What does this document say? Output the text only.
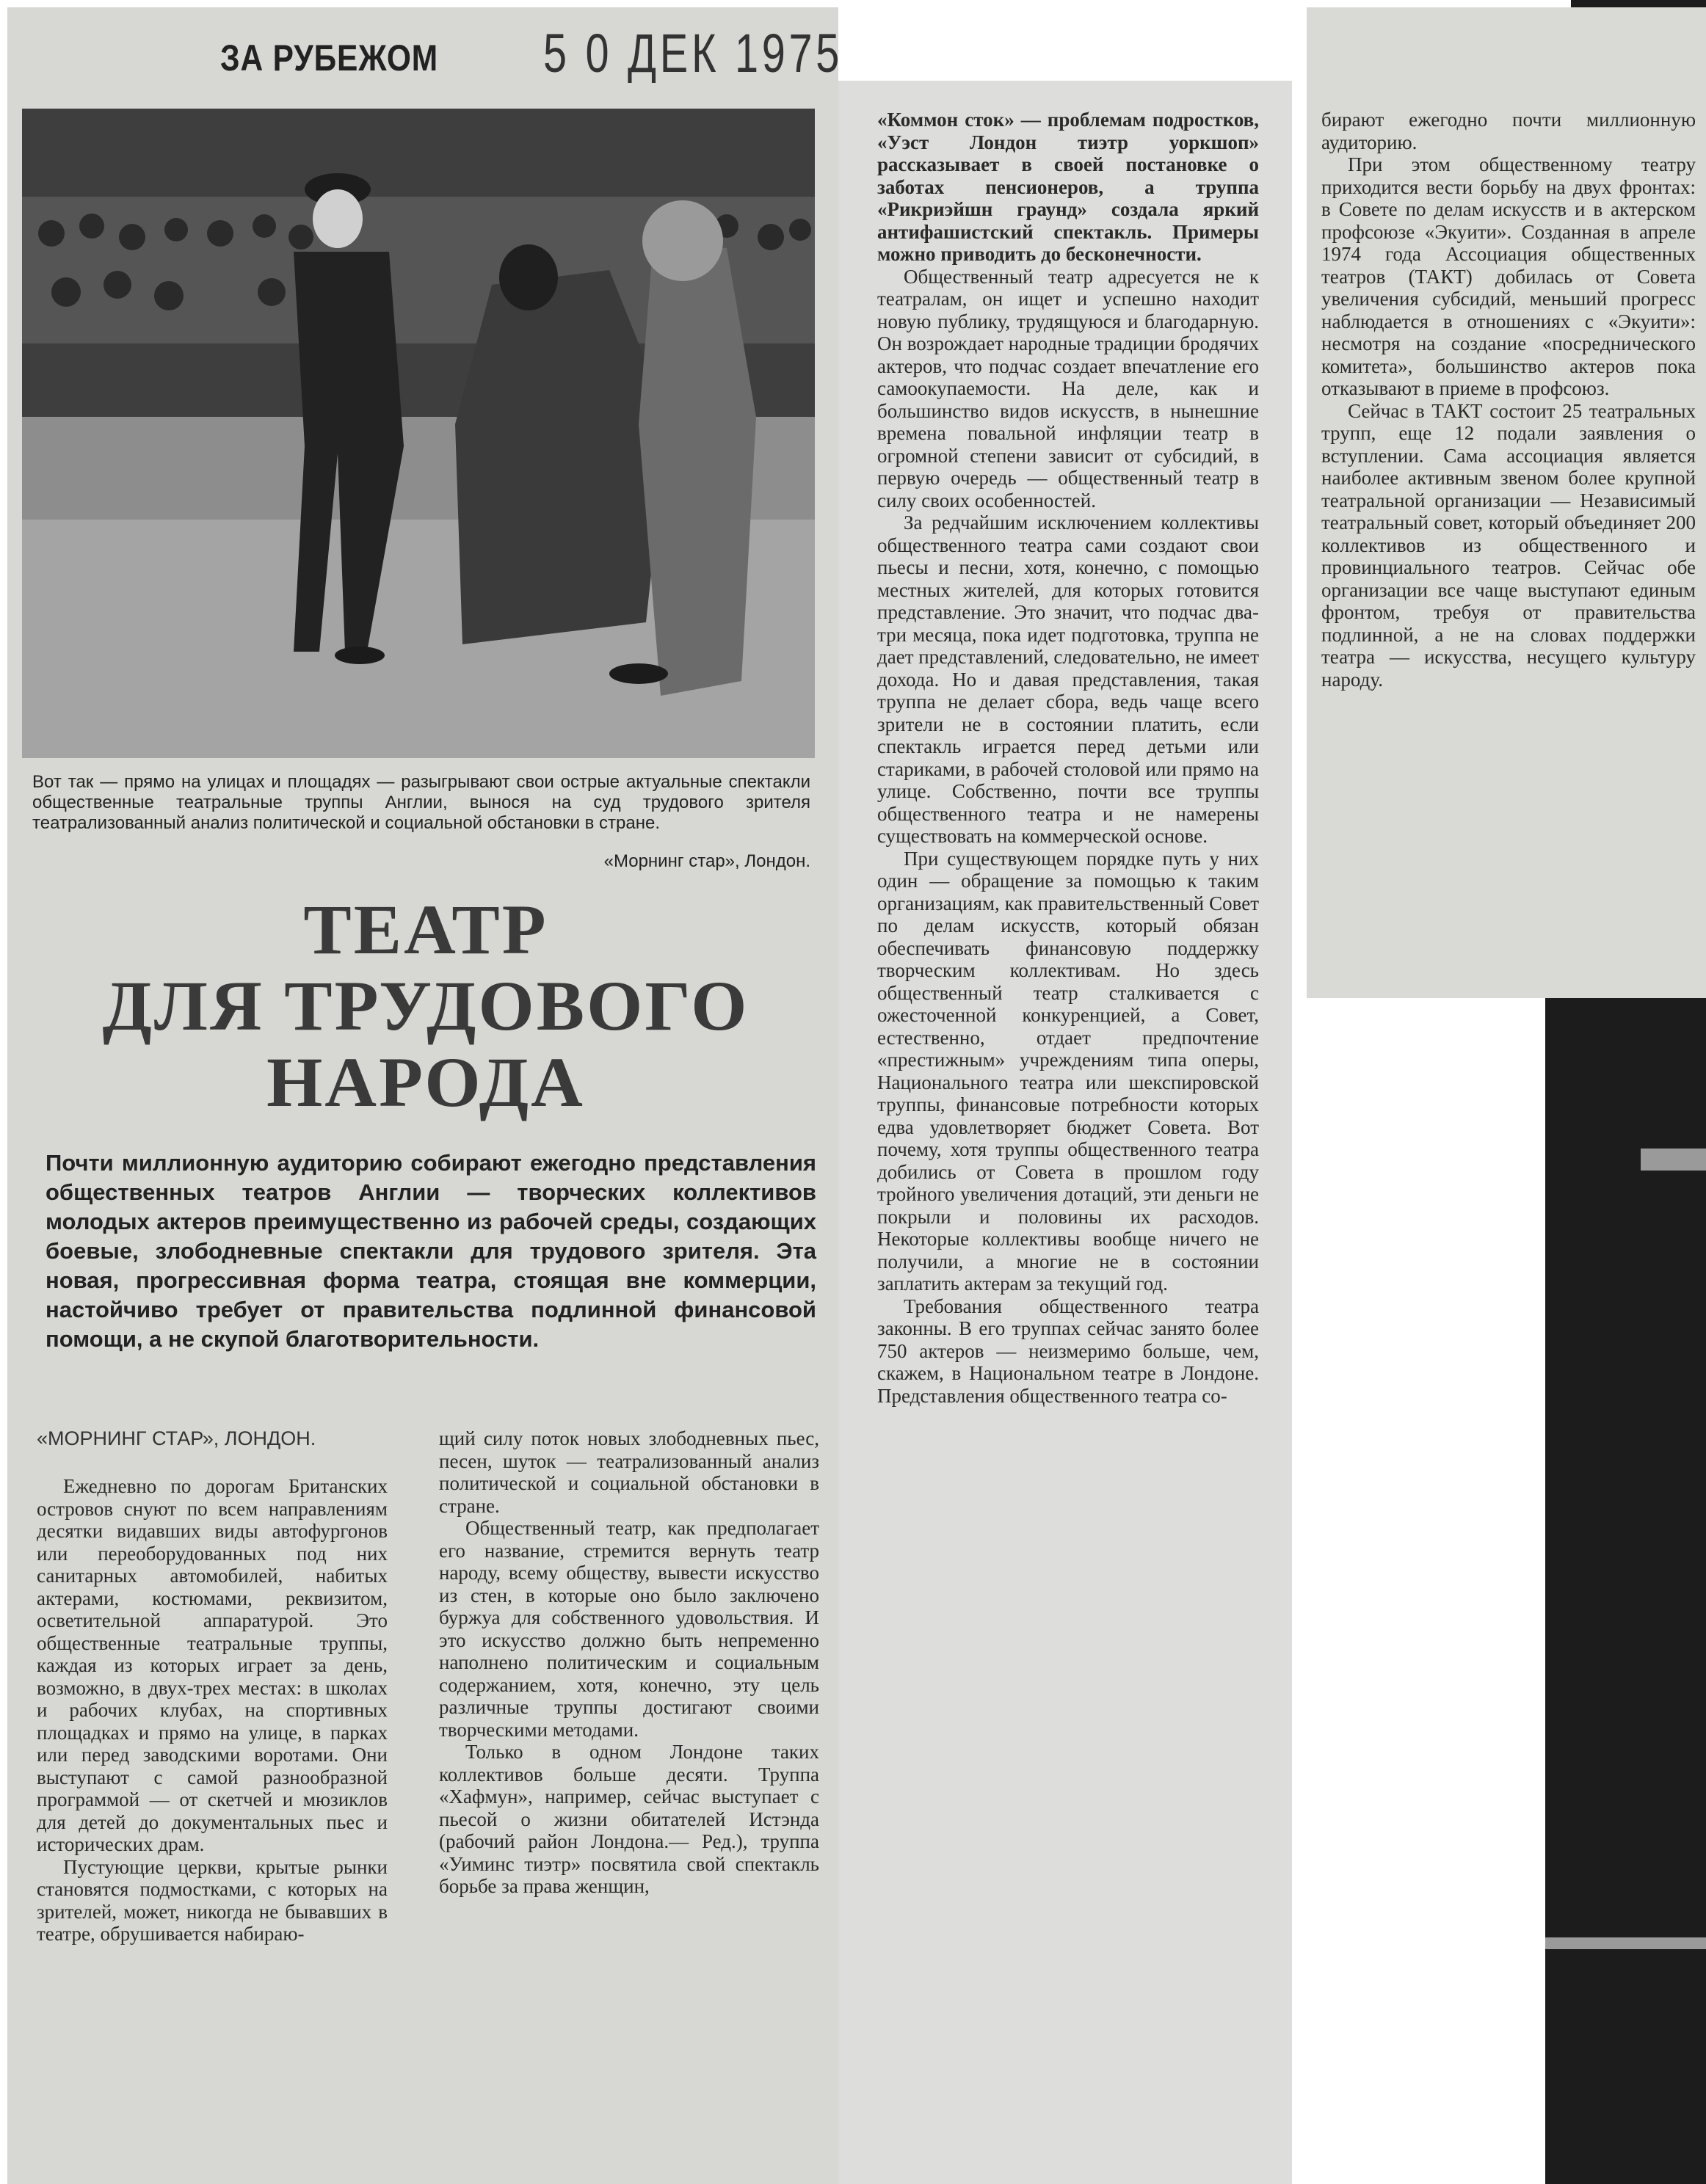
ЗА РУБЕЖОМ 5 0 ДЕК 1975
Вот так — прямо на улицах и площадях — разыгрывают свои острые актуальные спектакли общественные театральные труппы Англии, вынося на суд трудового зрителя театрализованный анализ политической и социальной обстановки в стране.
«Морнинг стар», Лондон.
ТЕАТР
ДЛЯ ТРУДОВОГО
НАРОДА
Почти миллионную аудиторию собирают ежегодно представления общественных театров Англии — творческих коллективов молодых актеров преимущественно из рабочей среды, создающих боевые, злободневные спектакли для трудового зрителя. Эта новая, прогрессивная форма театра, стоящая вне коммерции, настойчиво требует от правительства подлинной финансовой помощи, а не скупой благотворительности.
«МОРНИНГ СТАР», ЛОНДОН.

Ежедневно по дорогам Британских островов снуют по всем направлениям десятки видавших виды автофургонов или переоборудованных под них санитарных автомобилей, набитых актерами, костюмами, реквизитом, осветительной аппаратурой. Это общественные театральные труппы, каждая из которых играет за день, возможно, в двух-трех местах: в школах и рабочих клубах, на спортивных площадках и прямо на улице, в парках или перед заводскими воротами. Они выступают с самой разнообразной программой — от скетчей и мюзиклов для детей до документальных пьес и исторических драм.

Пустующие церкви, крытые рынки становятся подмостками, с которых на зрителей, может, никогда не бывавших в театре, обрушивается набираю-

щий силу поток новых злободневных пьес, песен, шуток — театрализованный анализ политической и социальной обстановки в стране.

Общественный театр, как предполагает его название, стремится вернуть театр народу, всему обществу, вывести искусство из стен, в которые оно было заключено буржуа для собственного удовольствия. И это искусство должно быть непременно наполнено политическим и социальным содержанием, хотя, конечно, эту цель различные труппы достигают своими творческими методами.

Только в одном Лондоне таких коллективов больше десяти. Труппа «Хафмун», например, сейчас выступает с пьесой о жизни обитателей Истэнда (рабочий район Лондона.— Ред.), труппа «Уиминс тиэтр» посвятила свой спектакль борьбе за права женщин,

«Коммон сток» — проблемам подростков, «Уэст Лондон тиэтр уоркшоп» рассказывает в своей постановке о заботах пенсионеров, а труппа «Рикриэйшн граунд» создала яркий антифашистский спектакль. Примеры можно приводить до бесконечности.

Общественный театр адресуется не к театралам, он ищет и успешно находит новую публику, трудящуюся и благодарную. Он возрождает народные традиции бродячих актеров, что подчас создает впечатление его самоокупаемости. На деле, как и большинство видов искусств, в нынешние времена повальной инфляции театр в огромной степени зависит от субсидий, в первую очередь — общественный театр в силу своих особенностей.

За редчайшим исключением коллективы общественного театра сами создают свои пьесы и песни, хотя, конечно, с помощью местных жителей, для которых готовится представление. Это значит, что подчас два-три месяца, пока идет подготовка, труппа не дает представлений, следовательно, не имеет дохода. Но и давая представления, такая труппа не делает сбора, ведь чаще всего зрители не в состоянии платить, если спектакль играется перед детьми или стариками, в рабочей столовой или прямо на улице. Собственно, почти все труппы общественного театра и не намерены существовать на коммерческой основе.

При существующем порядке путь у них один — обращение за помощью к таким организациям, как правительственный Совет по делам искусств, который обязан обеспечивать финансовую поддержку творческим коллективам. Но здесь общественный театр сталкивается с ожесточенной конкуренцией, а Совет, естественно, отдает предпочтение «престижным» учреждениям типа оперы, Национального театра или шекспировской труппы, финансовые потребности которых едва удовлетворяет бюджет Совета. Вот почему, хотя труппы общественного театра добились от Совета в прошлом году тройного увеличения дотаций, эти деньги не покрыли и половины их расходов. Некоторые коллективы вообще ничего не получили, а многие не в состоянии заплатить актерам за текущий год.

Требования общественного театра законны. В его труппах сейчас занято более 750 актеров — неизмеримо больше, чем, скажем, в Национальном театре в Лондоне. Представления общественного театра со-

бирают ежегодно почти миллионную аудиторию.

При этом общественному театру приходится вести борьбу на двух фронтах: в Совете по делам искусств и в актерском профсоюзе «Экуити». Созданная в апреле 1974 года Ассоциация общественных театров (ТАКТ) добилась от Совета увеличения субсидий, меньший прогресс наблюдается в отношениях с «Экуити»: несмотря на создание «посреднического комитета», большинство актеров пока отказывают в приеме в профсоюз.

Сейчас в ТАКТ состоит 25 театральных трупп, еще 12 подали заявления о вступлении. Сама ассоциация является наиболее активным звеном более крупной театральной организации — Независимый театральный совет, который объединяет 200 коллективов из общественного и провинциального театров. Сейчас обе организации все чаще выступают единым фронтом, требуя от правительства подлинной, а не на словах поддержки театра — искусства, несущего культуру народу.
